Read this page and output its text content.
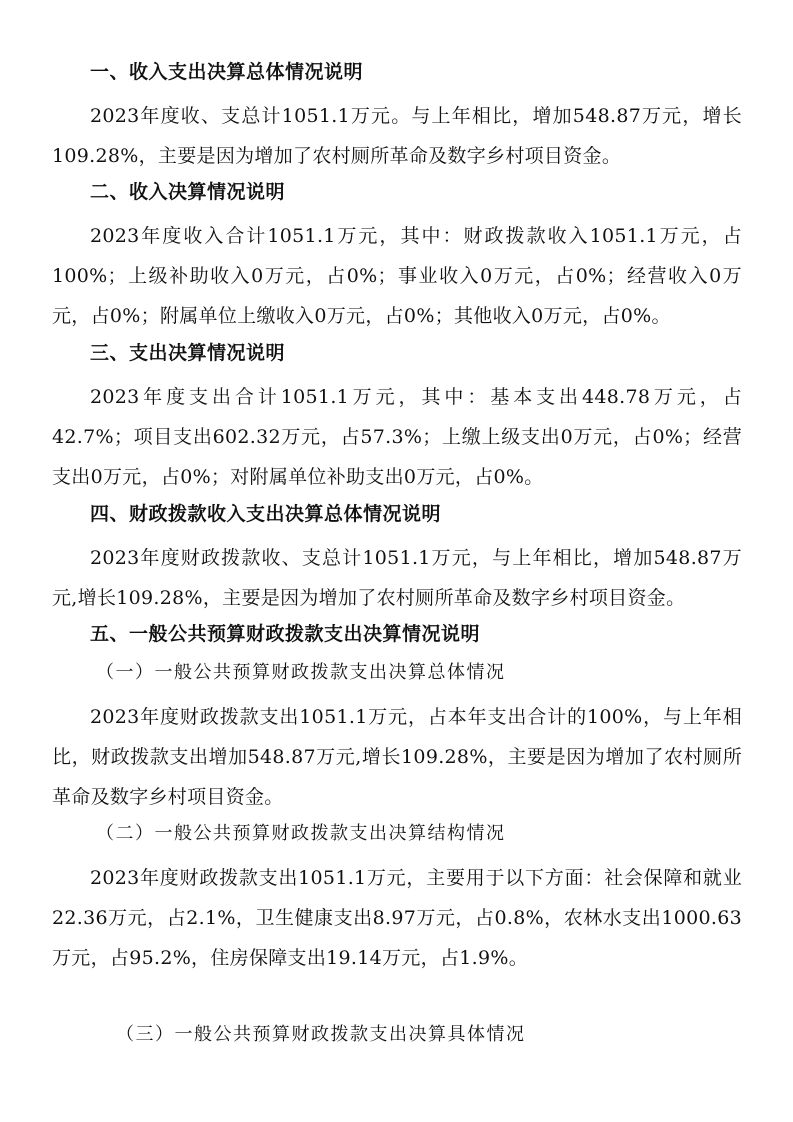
一、收入支出决算总体情况说明
2023年度收、支总计1051.1万元。与上年相比，增加548.87万元，增长109.28%，主要是因为增加了农村厕所革命及数字乡村项目资金。
二、收入决算情况说明
2023年度收入合计1051.1万元，其中：财政拨款收入1051.1万元，占100%；上级补助收入0万元，占0%；事业收入0万元，占0%；经营收入0万元，占0%；附属单位上缴收入0万元，占0%；其他收入0万元，占0%。
三、支出决算情况说明
2023年度支出合计1051.1万元，其中：基本支出448.78万元，占42.7%；项目支出602.32万元，占57.3%；上缴上级支出0万元，占0%；经营支出0万元，占0%；对附属单位补助支出0万元，占0%。
四、财政拨款收入支出决算总体情况说明
2023年度财政拨款收、支总计1051.1万元，与上年相比，增加548.87万元,增长109.28%，主要是因为增加了农村厕所革命及数字乡村项目资金。
五、一般公共预算财政拨款支出决算情况说明
（一）一般公共预算财政拨款支出决算总体情况
2023年度财政拨款支出1051.1万元，占本年支出合计的100%，与上年相比，财政拨款支出增加548.87万元,增长109.28%，主要是因为增加了农村厕所革命及数字乡村项目资金。
（二）一般公共预算财政拨款支出决算结构情况
2023年度财政拨款支出1051.1万元，主要用于以下方面：社会保障和就业22.36万元，占2.1%，卫生健康支出8.97万元，占0.8%，农林水支出1000.63万元，占95.2%，住房保障支出19.14万元，占1.9%。
（三）一般公共预算财政拨款支出决算具体情况
